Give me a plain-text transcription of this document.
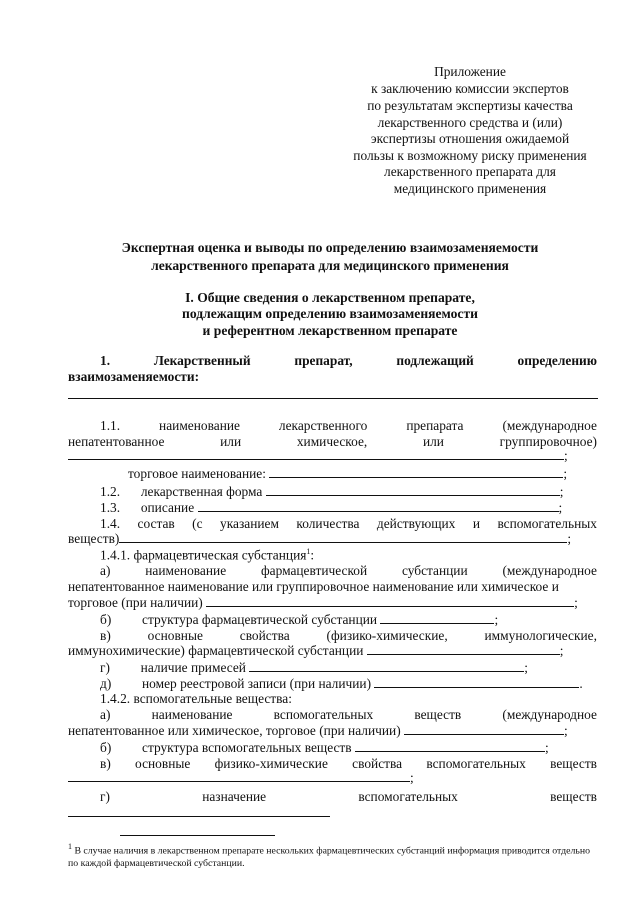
Приложение
к заключению комиссии экспертов
по результатам экспертизы качества
лекарственного средства и (или)
экспертизы отношения ожидаемой
пользы к возможному риску применения
лекарственного препарата для
медицинского применения
Экспертная оценка и выводы по определению взаимозаменяемости
лекарственного препарата для медицинского применения
I. Общие сведения о лекарственном препарате,
подлежащим определению взаимозаменяемости
и референтном лекарственном препарате
1.	Лекарственный	препарат,	подлежащий	определению
взаимозаменяемости:
1.1.	наименование	лекарственного	препарата	(международное
непатентованное	или	химическое,	или	группировочное)
;
торговое наименование:	;
1.2. лекарственная форма	;
1.3. описание	;
1.4. состав (с указанием количества действующих и вспомогательных
веществ)	;
1.4.1. фармацевтическая субстанция$^1$:
а)	наименование	фармацевтической	субстанции	(международное
непатентованное наименование или группировочное наименование или химическое и
торговое (при наличии)	;
б) структура фармацевтической субстанции	;
в)	основные	свойства	(физико-химические,	иммунологические,
иммунохимические) фармацевтической субстанции	;
г) наличие примесей	;
д) номер реестровой записи (при наличии)	.
1.4.2. вспомогательные вещества:
а)	наименование	вспомогательных	веществ	(международное
непатентованное или химическое, торговое (при наличии)	;
б) структура вспомогательных веществ	;
в) основные физико-химические свойства вспомогательных веществ
;
г)	назначение	вспомогательных	веществ
$^1$ В случае наличия в лекарственном препарате нескольких фармацевтических субстанций информация приводится отдельно по каждой фармацевтической субстанции.
